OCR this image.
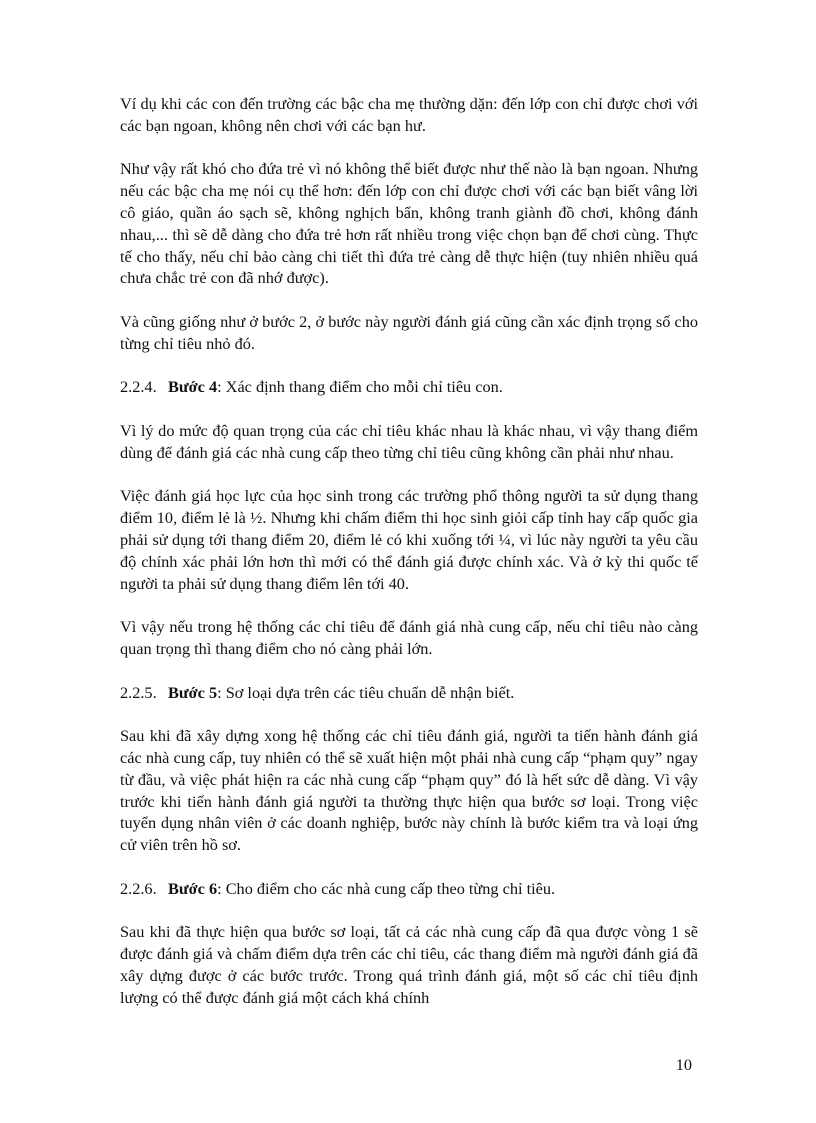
Ví dụ khi các con đến trường các bậc cha mẹ thường dặn: đến lớp con chỉ được chơi với các bạn ngoan, không nên chơi với các bạn hư.

Như vậy rất khó cho đứa trẻ vì nó không thể biết được như thế nào là bạn ngoan. Nhưng nếu các bậc cha mẹ nói cụ thể hơn: đến lớp con chỉ được chơi với các bạn biết vâng lời cô giáo, quần áo sạch sẽ, không nghịch bẩn, không tranh giành đồ chơi, không đánh nhau,... thì sẽ dễ dàng cho đứa trẻ hơn rất nhiều trong việc chọn bạn để chơi cùng. Thực tế cho thấy, nếu chỉ bảo càng chi tiết thì đứa trẻ càng dễ thực hiện (tuy nhiên nhiều quá chưa chắc trẻ con đã nhớ được).

Và cũng giống như ở bước 2, ở bước này người đánh giá cũng cần xác định trọng số cho từng chỉ tiêu nhỏ đó.

2.2.4. Bước 4: Xác định thang điểm cho mỗi chỉ tiêu con.

Vì lý do mức độ quan trọng của các chỉ tiêu khác nhau là khác nhau, vì vậy thang điểm dùng để đánh giá các nhà cung cấp theo từng chỉ tiêu cũng không cần phải như nhau.

Việc đánh giá học lực của học sinh trong các trường phổ thông người ta sử dụng thang điểm 10, điểm lẻ là ½. Nhưng khi chấm điểm thi học sinh giỏi cấp tỉnh hay cấp quốc gia phải sử dụng tới thang điểm 20, điểm lẻ có khi xuống tới ¼, vì lúc này người ta yêu cầu độ chính xác phải lớn hơn thì mới có thể đánh giá được chính xác. Và ở kỳ thi quốc tế người ta phải sử dụng thang điểm lên tới 40.

Vì vậy nếu trong hệ thống các chỉ tiêu để đánh giá nhà cung cấp, nếu chỉ tiêu nào càng quan trọng thì thang điểm cho nó càng phải lớn.

2.2.5. Bước 5: Sơ loại dựa trên các tiêu chuẩn dễ nhận biết.

Sau khi đã xây dựng xong hệ thống các chỉ tiêu đánh giá, người ta tiến hành đánh giá các nhà cung cấp, tuy nhiên có thể sẽ xuất hiện một phải nhà cung cấp “phạm quy” ngay từ đầu, và việc phát hiện ra các nhà cung cấp “phạm quy” đó là hết sức dễ dàng. Vì vậy trước khi tiến hành đánh giá người ta thường thực hiện qua bước sơ loại. Trong việc tuyển dụng nhân viên ở các doanh nghiệp, bước này chính là bước kiểm tra và loại ứng cử viên trên hồ sơ.

2.2.6. Bước 6: Cho điểm cho các nhà cung cấp theo từng chỉ tiêu.

Sau khi đã thực hiện qua bước sơ loại, tất cả các nhà cung cấp đã qua được vòng 1 sẽ được đánh giá và chấm điểm dựa trên các chỉ tiêu, các thang điểm mà người đánh giá đã xây dựng được ở các bước trước. Trong quá trình đánh giá, một số các chỉ tiêu định lượng có thể được đánh giá một cách khá chính

10
